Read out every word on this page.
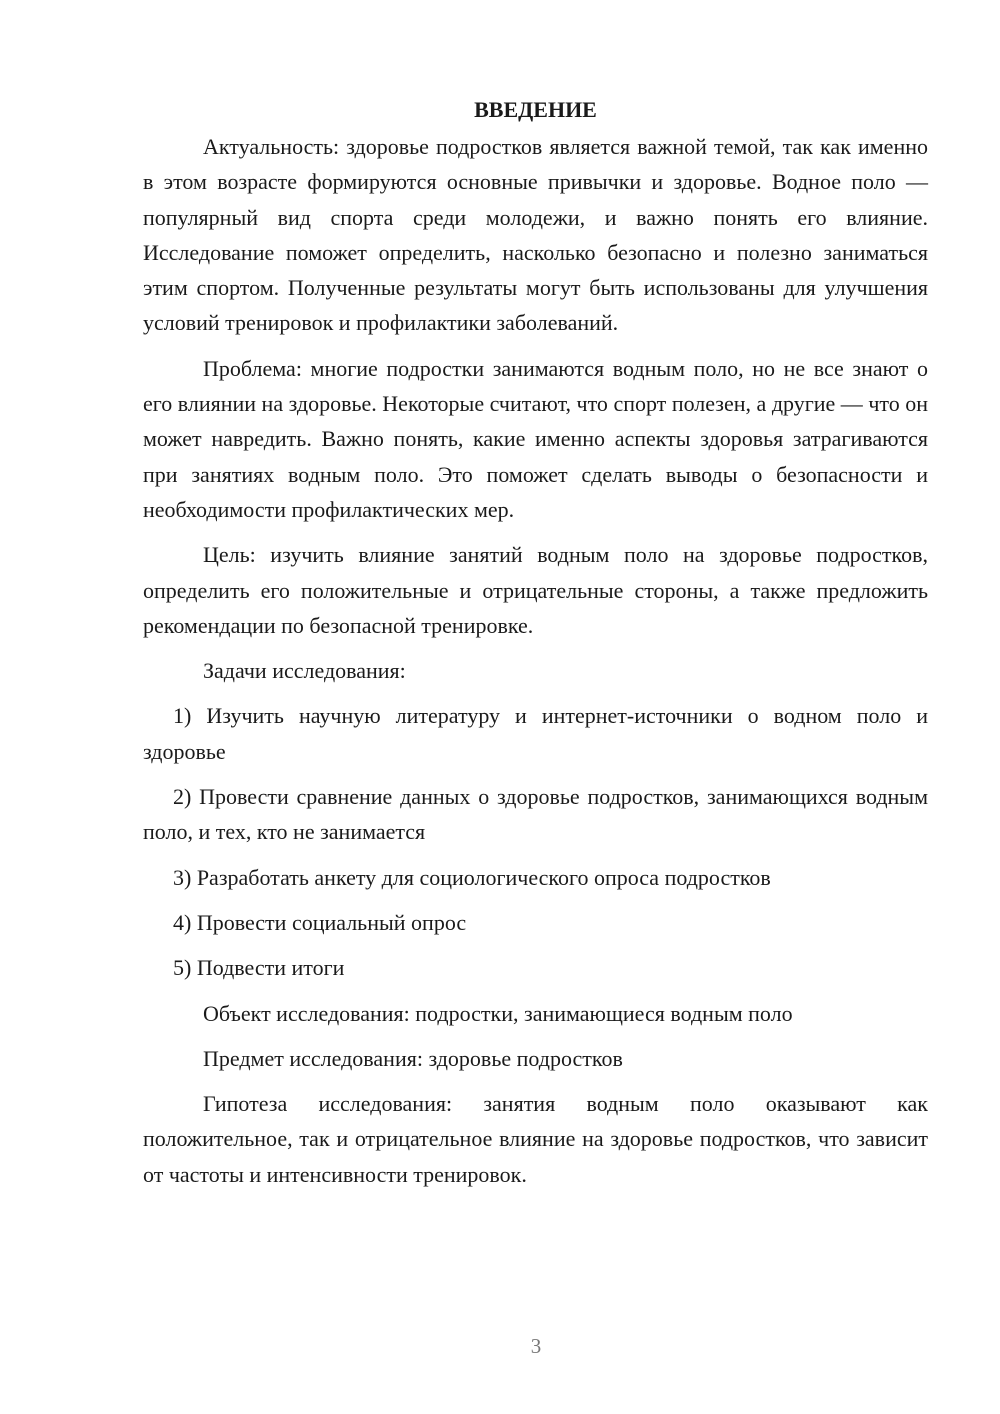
ВВЕДЕНИЕ

Актуальность: здоровье подростков является важной темой, так как именно в этом возрасте формируются основные привычки и здоровье. Водное поло — популярный вид спорта среди молодежи, и важно понять его влияние. Исследование поможет определить, насколько безопасно и полезно заниматься этим спортом. Полученные результаты могут быть использованы для улучшения условий тренировок и профилактики заболеваний.

Проблема: многие подростки занимаются водным поло, но не все знают о его влиянии на здоровье. Некоторые считают, что спорт полезен, а другие — что он может навредить. Важно понять, какие именно аспекты здоровья затрагиваются при занятиях водным поло. Это поможет сделать выводы о безопасности и необходимости профилактических мер.

Цель: изучить влияние занятий водным поло на здоровье подростков, определить его положительные и отрицательные стороны, а также предложить рекомендации по безопасной тренировке.

Задачи исследования:

1) Изучить научную литературу и интернет-источники о водном поло и здоровье

2) Провести сравнение данных о здоровье подростков, занимающихся водным поло, и тех, кто не занимается

3) Разработать анкету для социологического опроса подростков

4) Провести социальный опрос

5) Подвести итоги

Объект исследования: подростки, занимающиеся водным поло

Предмет исследования: здоровье подростков

Гипотеза исследования: занятия водным поло оказывают как положительное, так и отрицательное влияние на здоровье подростков, что зависит от частоты и интенсивности тренировок.

3
